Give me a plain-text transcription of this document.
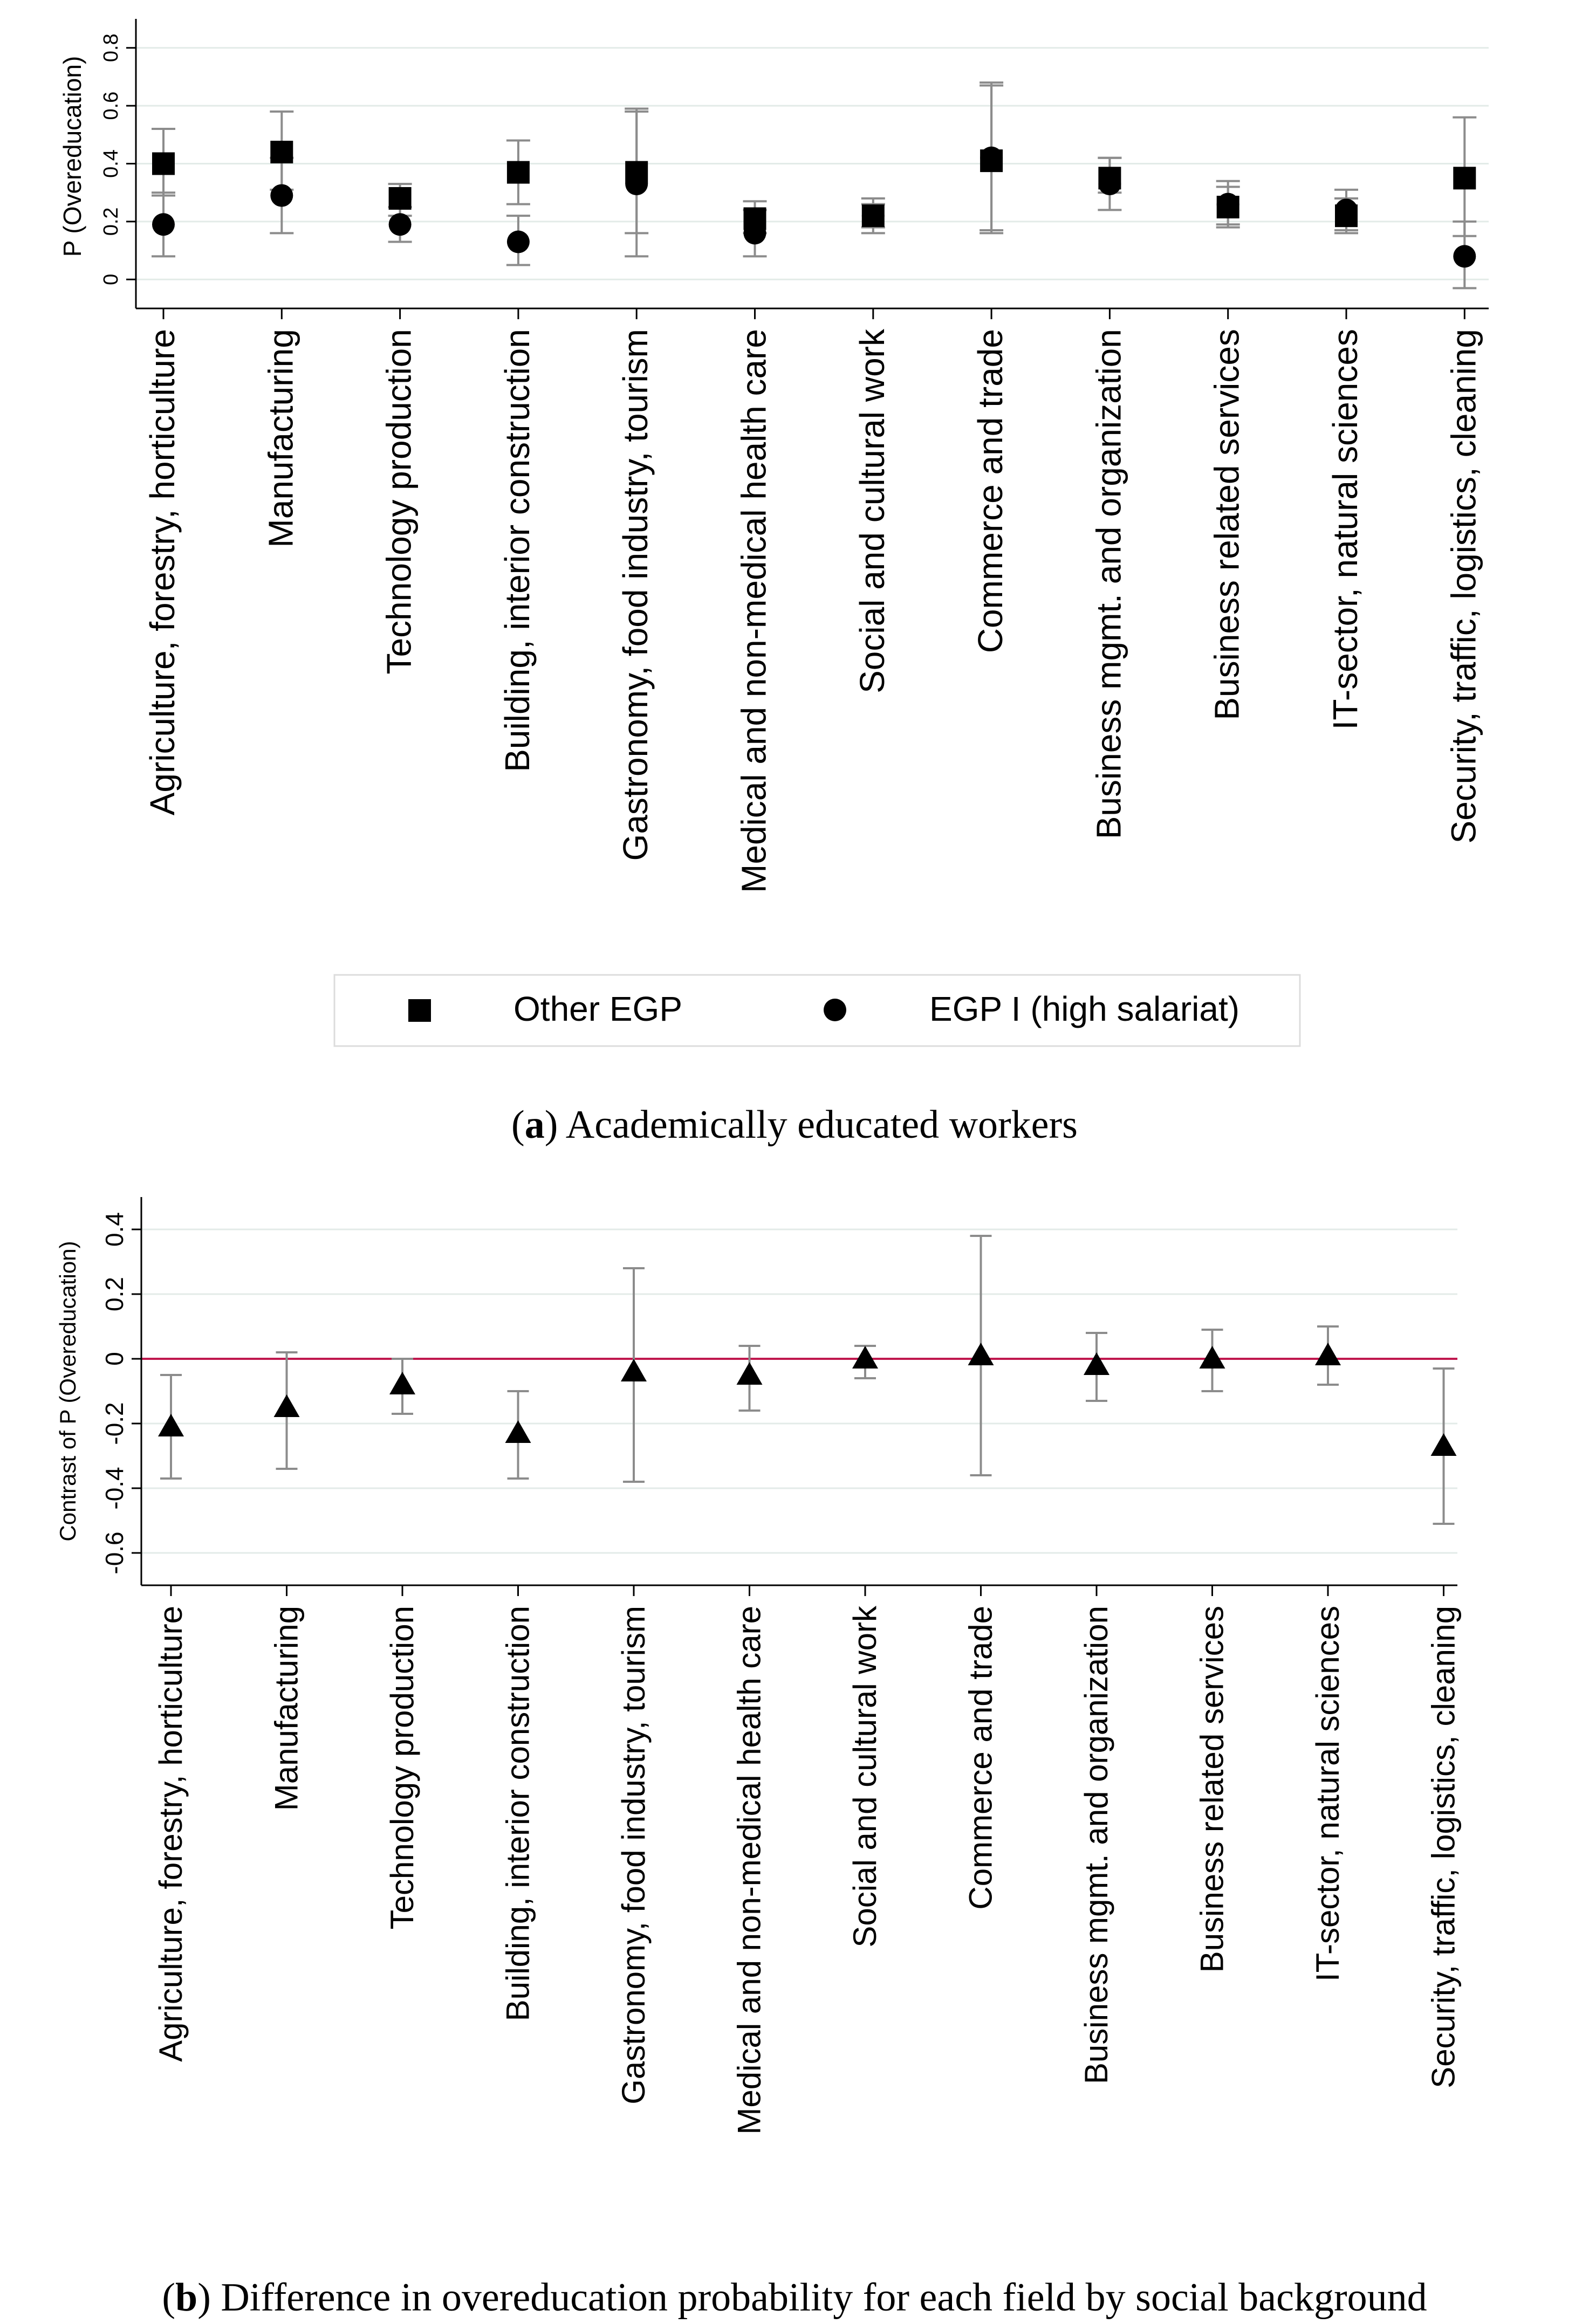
P (Overeducation)
0
0.2
0.4
0.6
0.8
Agriculture, forestry, horticulture Manufacturing Technology production Building, interior construction Gastronomy, food industry, tourism Medical and non-medical health care Social and cultural work Commerce and trade Business mgmt. and organization Business related services IT-sector, natural sciences Security, traffic, logistics, cleaning
Other EGP	EGP I (high salariat)
(a) Academically educated workers
Contrast of P (Overeducation)
-0.6
-0.4
-0.2
0
0.2
0.4
Agriculture, forestry, horticulture Manufacturing Technology production Building, interior construction Gastronomy, food industry, tourism Medical and non-medical health care Social and cultural work Commerce and trade Business mgmt. and organization Business related services IT-sector, natural sciences Security, traffic, logistics, cleaning
(b) Difference in overeducation probability for each field by social background
